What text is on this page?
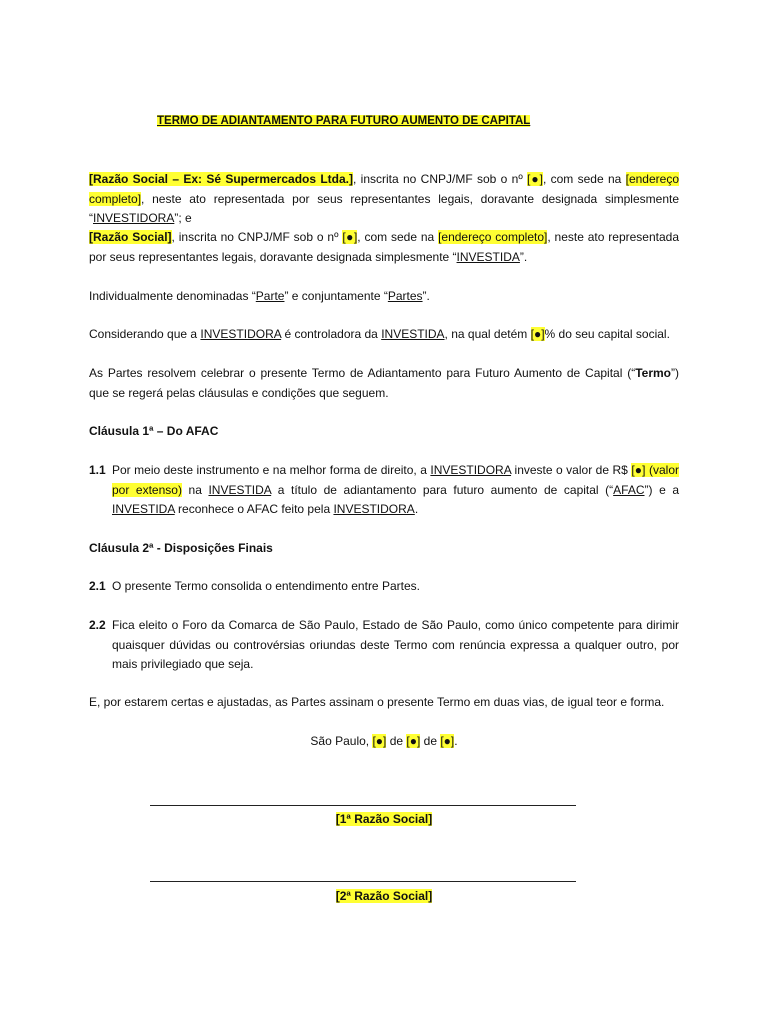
TERMO DE ADIANTAMENTO PARA FUTURO AUMENTO DE CAPITAL

[Razão Social – Ex: Sé Supermercados Ltda.], inscrita no CNPJ/MF sob o nº [●], com sede na [endereço completo], neste ato representada por seus representantes legais, doravante designada simplesmente “INVESTIDORA”; e

[Razão Social], inscrita no CNPJ/MF sob o nº [●], com sede na [endereço completo], neste ato representada por seus representantes legais, doravante designada simplesmente “INVESTIDA”.

Individualmente denominadas “Parte” e conjuntamente “Partes”.

Considerando que a INVESTIDORA é controladora da INVESTIDA, na qual detém [●]% do seu capital social.

As Partes resolvem celebrar o presente Termo de Adiantamento para Futuro Aumento de Capital (“Termo”) que se regerá pelas cláusulas e condições que seguem.

Cláusula 1ª – Do AFAC
1.1 Por meio deste instrumento e na melhor forma de direito, a INVESTIDORA investe o valor de R$ [●] (valor por extenso) na INVESTIDA a título de adiantamento para futuro aumento de capital (“AFAC”) e a INVESTIDA reconhece o AFAC feito pela INVESTIDORA.

Cláusula 2ª - Disposições Finais
2.1 O presente Termo consolida o entendimento entre Partes.

2.2 Fica eleito o Foro da Comarca de São Paulo, Estado de São Paulo, como único competente para dirimir quaisquer dúvidas ou controvérsias oriundas deste Termo com renúncia expressa a qualquer outro, por mais privilegiado que seja.

E, por estarem certas e ajustadas, as Partes assinam o presente Termo em duas vias, de igual teor e forma.

São Paulo, [●] de [●] de [●].
[1ª Razão Social]
[2ª Razão Social]
